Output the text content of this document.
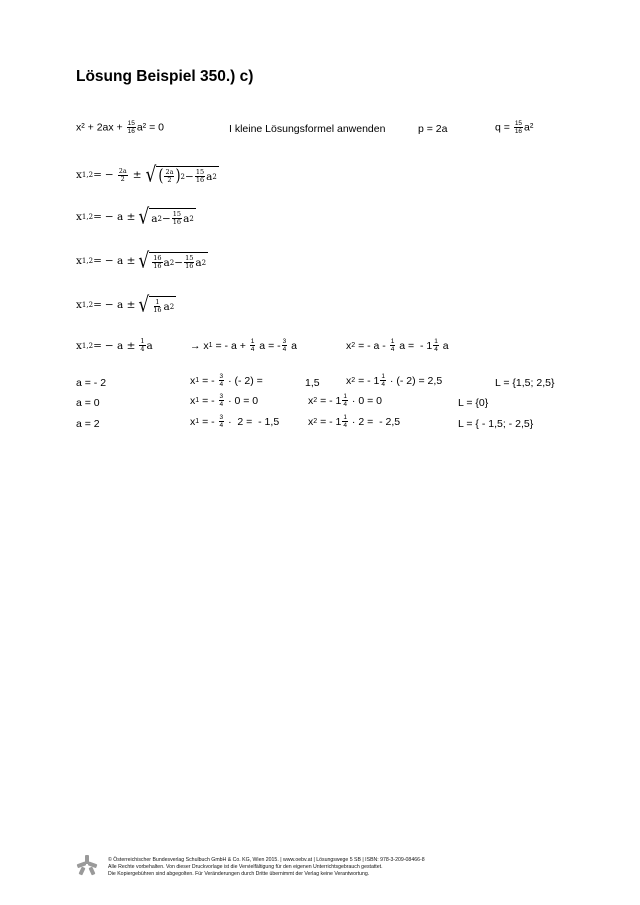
Lösung Beispiel 350.) c)
$x^2 + 2ax + \frac{15}{16} a^2 = 0$	I kleine Lösungsformel anwenden	p = 2a	$q = \frac{15}{16} a^2$
x 1,2 = − $\frac{2a}{2}$ ± √ ( $\frac{2a}{2}$ ) $2 - \frac{15}{16}$ a 2
x 1,2 = − a ± √ a $2 - \frac{15}{16}$ a 2
x 1,2 = − a ± √ $\frac{16}{16}$ a $2 - \frac{15}{16}$ a 2
x 1,2 = − a ± √ $\frac{1}{16}$ a 2
x 1,2 = − $a \pm \frac{1}{4}$ a	→ x 1 = - $a + \frac{1}{4}$ a = - $\frac{3}{4}$ a	x 2 = - a - $\frac{1}{4}$ a =  - $1 \frac{1}{4}$ a
a = - 2	x 1 = - $\frac{3}{4}$ · (- 2) =	1,5	x 2 = - $1 \frac{1}{4}$ · (- 2) = 2,5	L = {1,5; 2,5}
a = 0	x 1 = - $\frac{3}{4} \cdot 0 = 0$	x 2 = - $1 \frac{1}{4} \cdot 0 = 0$	L = {0}
a = 2	x 1 = - $\frac{3}{4} \cdot 2$ =  - 1,5	x 2 = - $1 \frac{1}{4} \cdot 2$ =  - 2,5	L = { - 1,5; - 2,5}
© Österreichischer Bundesverlag Schulbuch GmbH & Co. KG, Wien 2015. | www.oebv.at | Lösungswege 5 SB | ISBN: 978-3-209-08466-8
Alle Rechte vorbehalten. Von dieser Druckvorlage ist die Vervielfältigung für den eigenen Unterrichtsgebrauch gestattet.
Die Kopiergebühren sind abgegolten. Für Veränderungen durch Dritte übernimmt der Verlag keine Verantwortung.
